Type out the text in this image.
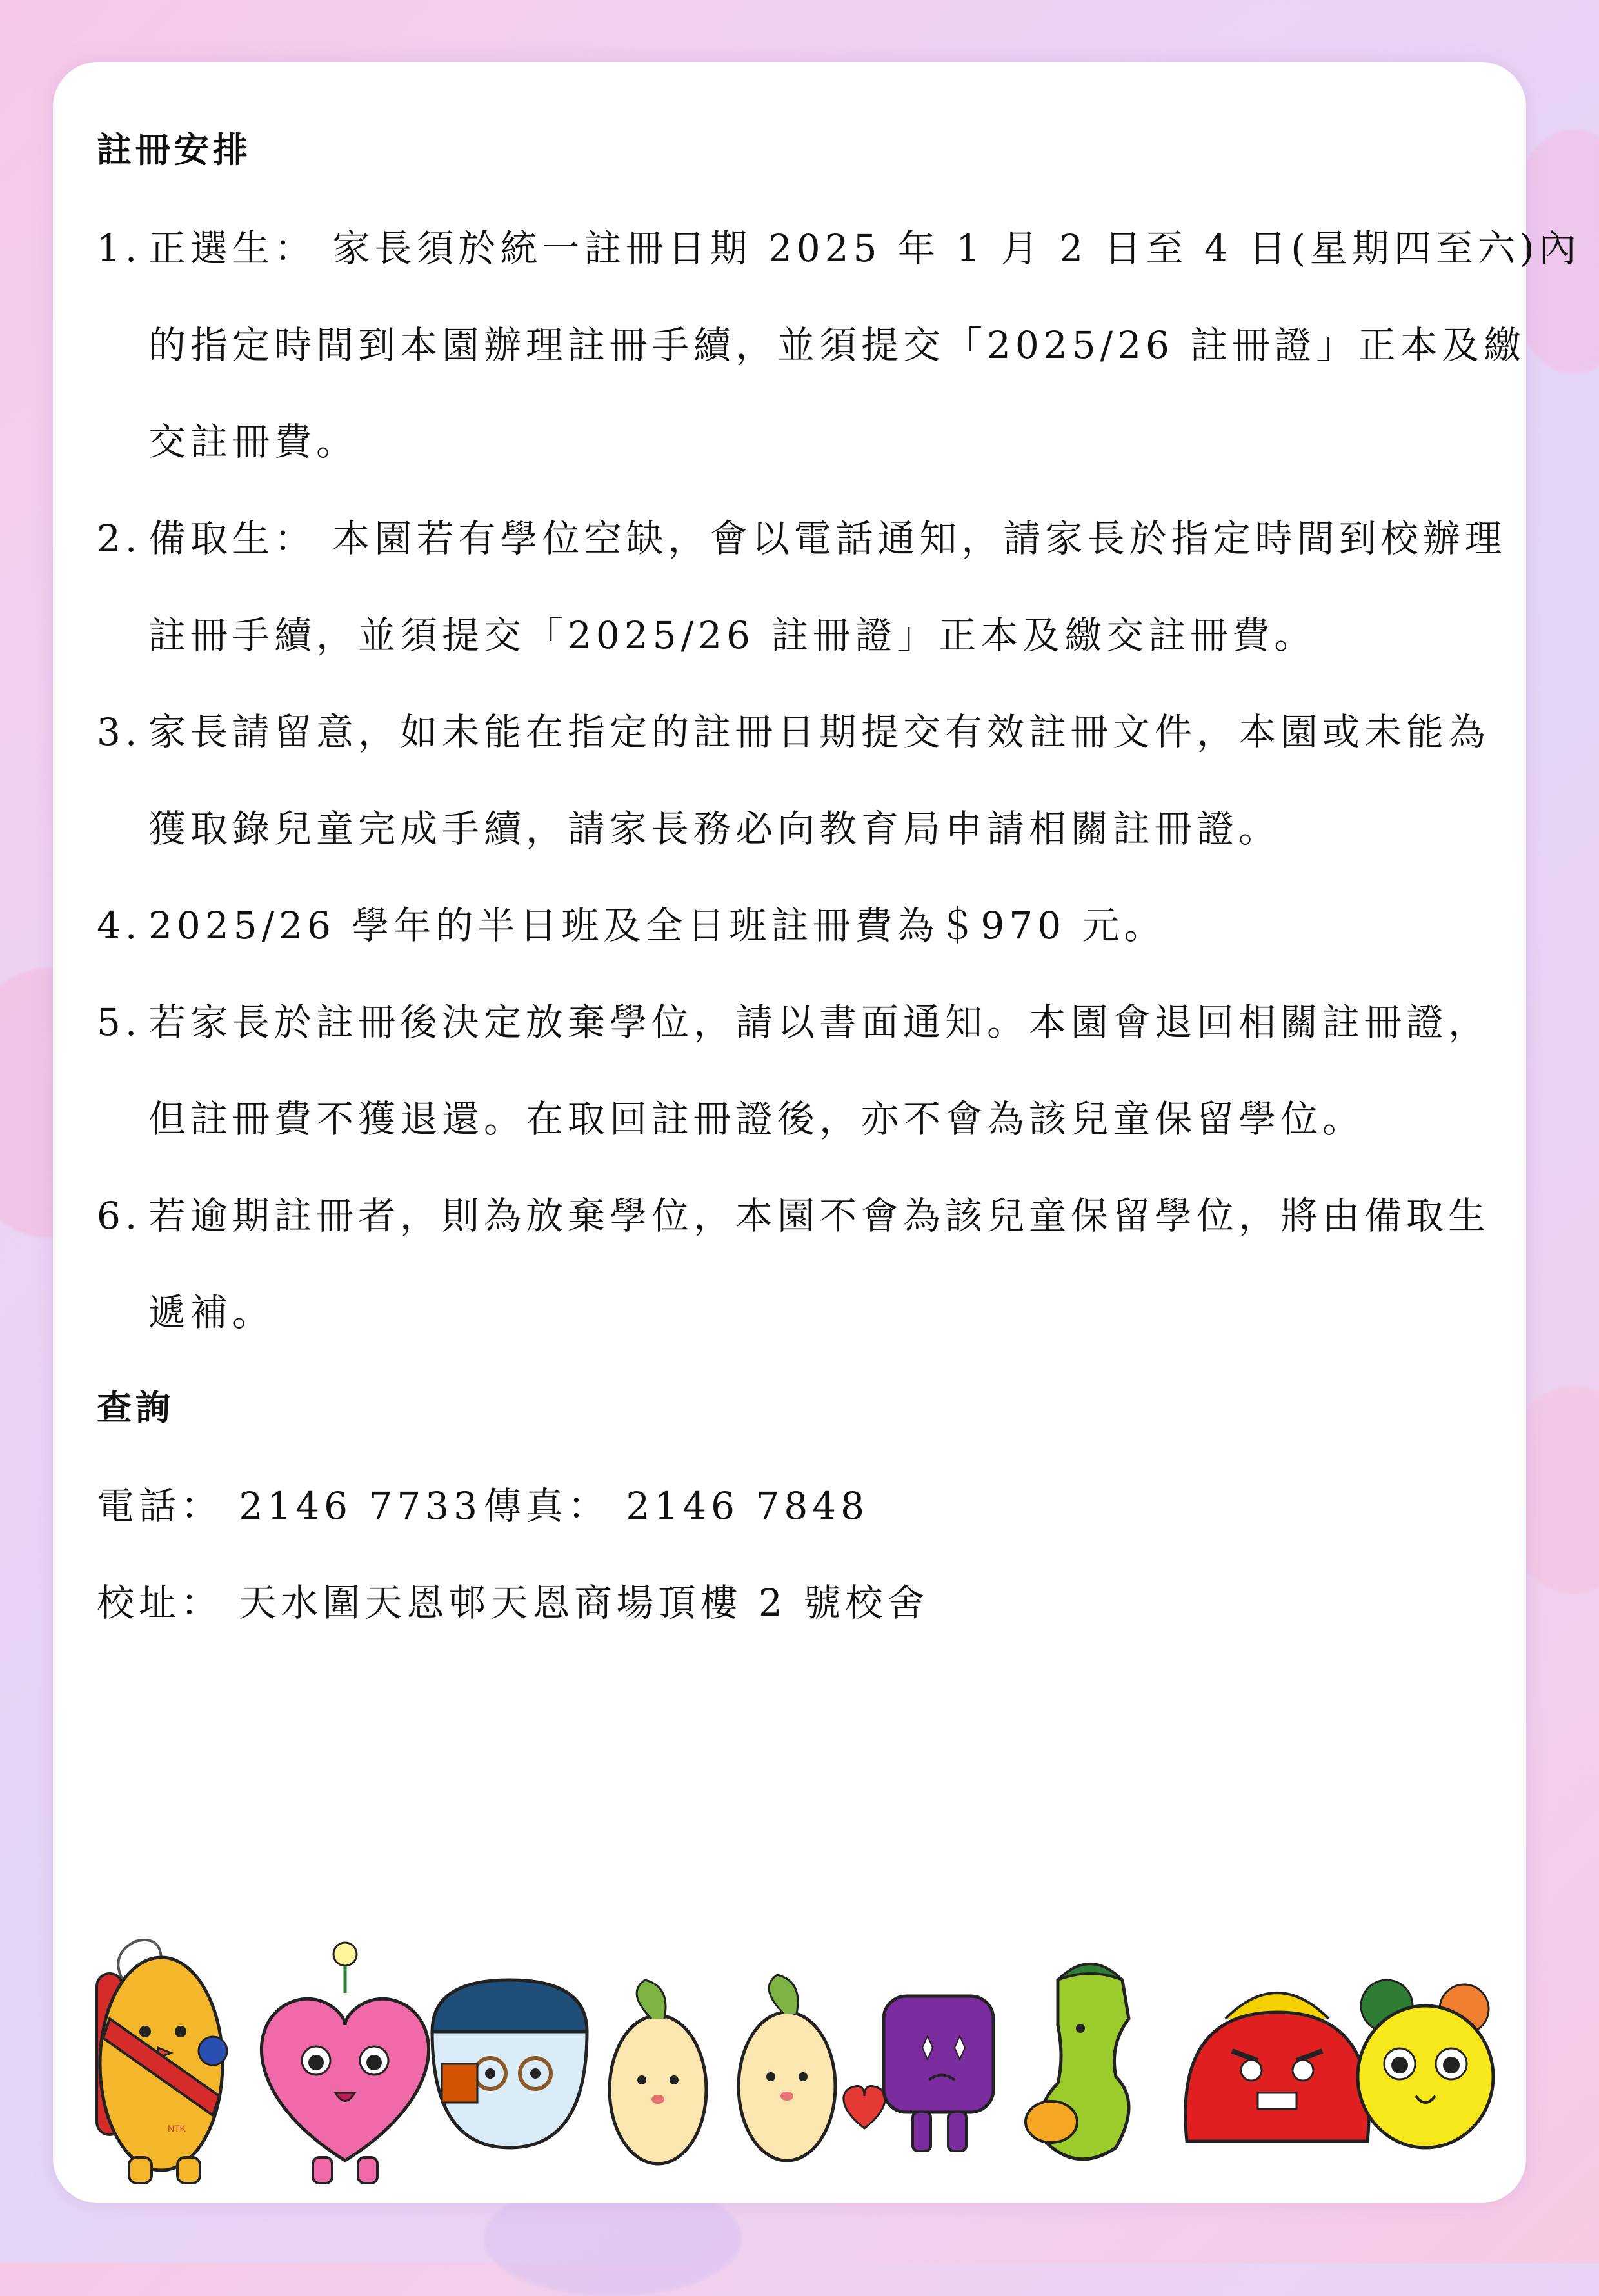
註冊安排
1. 正選生： 家長須於統一註冊日期 2025 年 1 月 2 日至 4 日(星期四至六)內
的指定時間到本園辦理註冊手續，並須提交「2025/26 註冊證」正本及繳
交註冊費。
2. 備取生： 本園若有學位空缺，會以電話通知，請家長於指定時間到校辦理
註冊手續，並須提交「2025/26 註冊證」正本及繳交註冊費。
3. 家長請留意，如未能在指定的註冊日期提交有效註冊文件，本園或未能為
獲取錄兒童完成手續，請家長務必向教育局申請相關註冊證。
4. 2025/26 學年的半日班及全日班註冊費為＄970 元。
5. 若家長於註冊後決定放棄學位，請以書面通知。本園會退回相關註冊證，
但註冊費不獲退還。在取回註冊證後，亦不會為該兒童保留學位。
6. 若逾期註冊者，則為放棄學位，本園不會為該兒童保留學位，將由備取生
遞補。
查詢
電話： 2146 7733 傳真： 2146 7848
校址： 天水圍天恩邨天恩商場頂樓 2 號校舍
NTK
